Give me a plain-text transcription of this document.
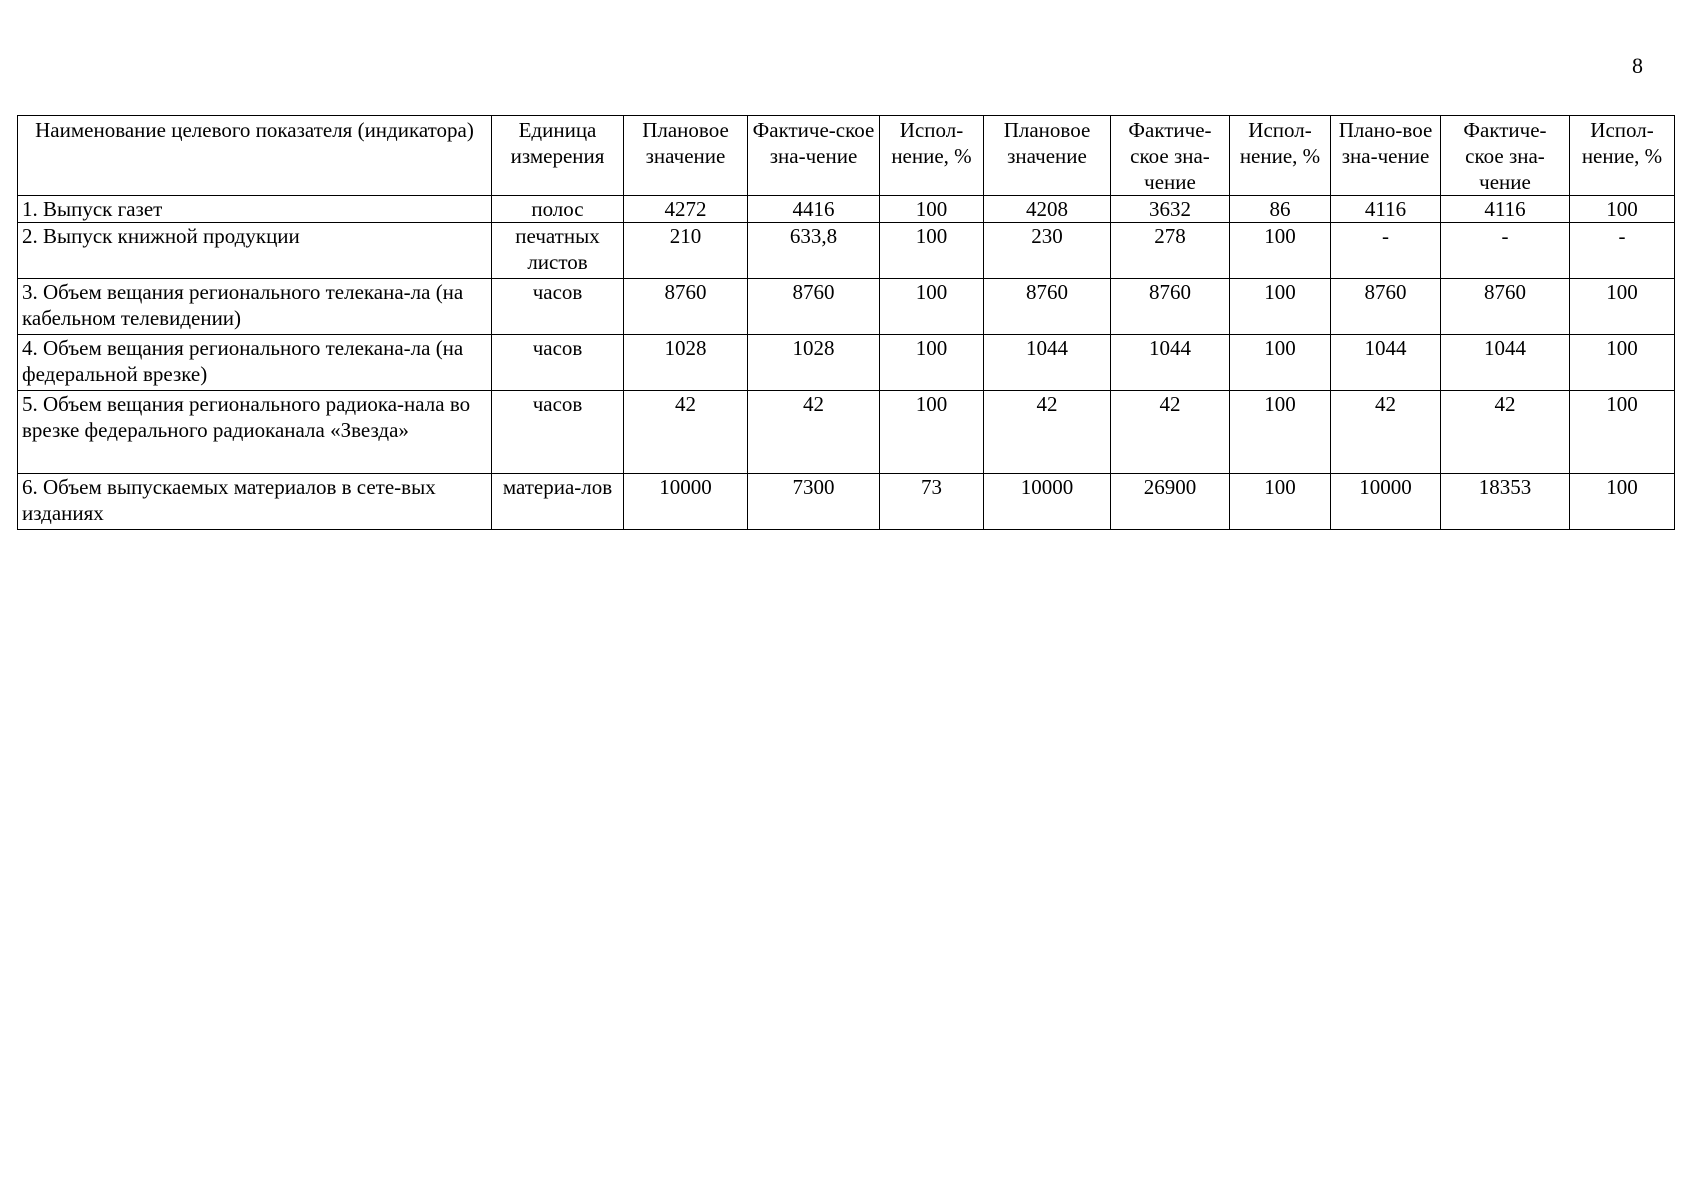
8
Наименование целевого показателя (индикатора)	Единица измерения	Плановое значение	Фактиче-ское зна-чение	Испол-нение, %	Плановое значение	Фактиче-ское зна-чение	Испол-нение, %	Плано-вое зна-чение	Фактиче-ское зна-чение	Испол-нение, %
1. Выпуск газет	полос	4272	4416	100	4208	3632	86	4116	4116	100
2. Выпуск книжной продукции	печатных листов	210	633,8	100	230	278	100	-	-	-
3. Объем вещания регионального телекана-ла (на кабельном телевидении)	часов	8760	8760	100	8760	8760	100	8760	8760	100
4. Объем вещания регионального телекана-ла (на федеральной врезке)	часов	1028	1028	100	1044	1044	100	1044	1044	100
5. Объем вещания регионального радиока-нала во врезке федерального радиоканала «Звезда»	часов	42	42	100	42	42	100	42	42	100
6. Объем выпускаемых материалов в сете-вых изданиях	материа-лов	10000	7300	73	10000	26900	100	10000	18353	100
